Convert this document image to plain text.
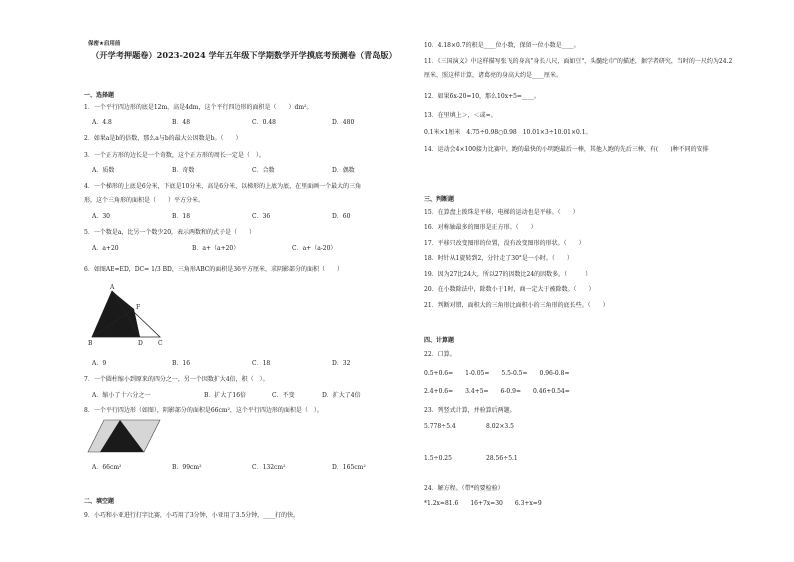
保密★启用前
（开学考押题卷）2023-2024 学年五年级下学期数学开学摸底考预测卷（青岛版）
一、选择题
1．一个平行四边形的底是12m，高是4dm，这个平行四边形的面积是（　　）dm²。
A．4.8	B．48	C．0.48	D．480
2．如果a是b的倍数，那么a与b的最大公因数是b。（　　）
3．一个正方形的边长是一个奇数，这个正方形的周长一定是（　）。
A．质数	B．奇数	C．合数	D．偶数
4．一个梯形的上底是6分米，下底是10分米，高是6分米，以梯形的上底为底，在里面画一个最大的三角
形，这个三角形的面积是（　　）平方分米。
A．30	B．18	C．36	D．60
5．一个数是a，比另一个数少20，表示两数和的式子是（　　）
A．a+20	B．a+（a+20）	C．a+（a-20）
6．如图AE=ED，DC= 1/3 BD，三角形ABC的面积是36平方厘米，求阴影部分的面积（　　）
A
F
E
B	D	C
A．9	B．16	C．18	D．32
7．一个圆柱缩小到原来的四分之一，另一个因数扩大4倍，积（　）。
A．缩小了十六分之一	B．扩大了16倍	C．不变	D．扩大了4倍
8．一个平行四边形（如图），阴影部分的面积是66cm²，这个平行四边形的面积是（　）。
A．66cm²	B．99cm²	C．132cm²	D．165cm²
二、填空题
9．小巧和小亚进行打字比赛，小巧用了3分钟，小亚用了3.5分钟，____打的快。
10．4.18×0.7的积是____位小数，保留一位小数是____。
11．《三国演义》中这样描写张飞的身高"身长八尺，面如豆"，头髓纶巾"的描述，据学者研究，当时的一尺约为24.2
厘米，照这样计算，诸葛亮的身高大约是____厘米。
12．如果6x-20=10，那么10x+5=____。
13．在里填上＞，＜或=。
0.1米×1厘米　4.75÷0.98○0.98　10.01×3÷10.01×0.1。
14．运动会4×100接力比赛中，跑的最快的小明跑最后一棒，其他人跑的先后三棒，有(　　)种不同的安排
三、判断题
15．在算盘上拨珠是平移，电梯的运动也是平移。（　　）
16．对称轴最多的图形是正方形。（　　）
17．平移只改变图形的位置，没有改变图形的形状。（　　）
18．时针从1旋转到2，分针走了30°是一小时。（　　）
19．因为27比24大，所以27的因数比24的因数多。（　　　）
20．在小数除法中，除数小于1时，商一定大于被除数。（　　）
21．判断对错，面积大的三角形比面积小的三角形的底长些。（　　）
四、计算题
22．口算。
0.5+0.6=　　1-0.05=　　5.5-0.5=　　0.96-0.8=
2.4+0.6=　　3.4+5=　　6-0.9=　　0.46+0.54=
23．列竖式计算，并验算后两题。
5.778÷5.4	8.02×3.5
1.5÷0.25	28.56÷5.1
24．解方程。（带*的要检验）
*1.2x=81.6　　16+7x=30　　6.3+x=9
